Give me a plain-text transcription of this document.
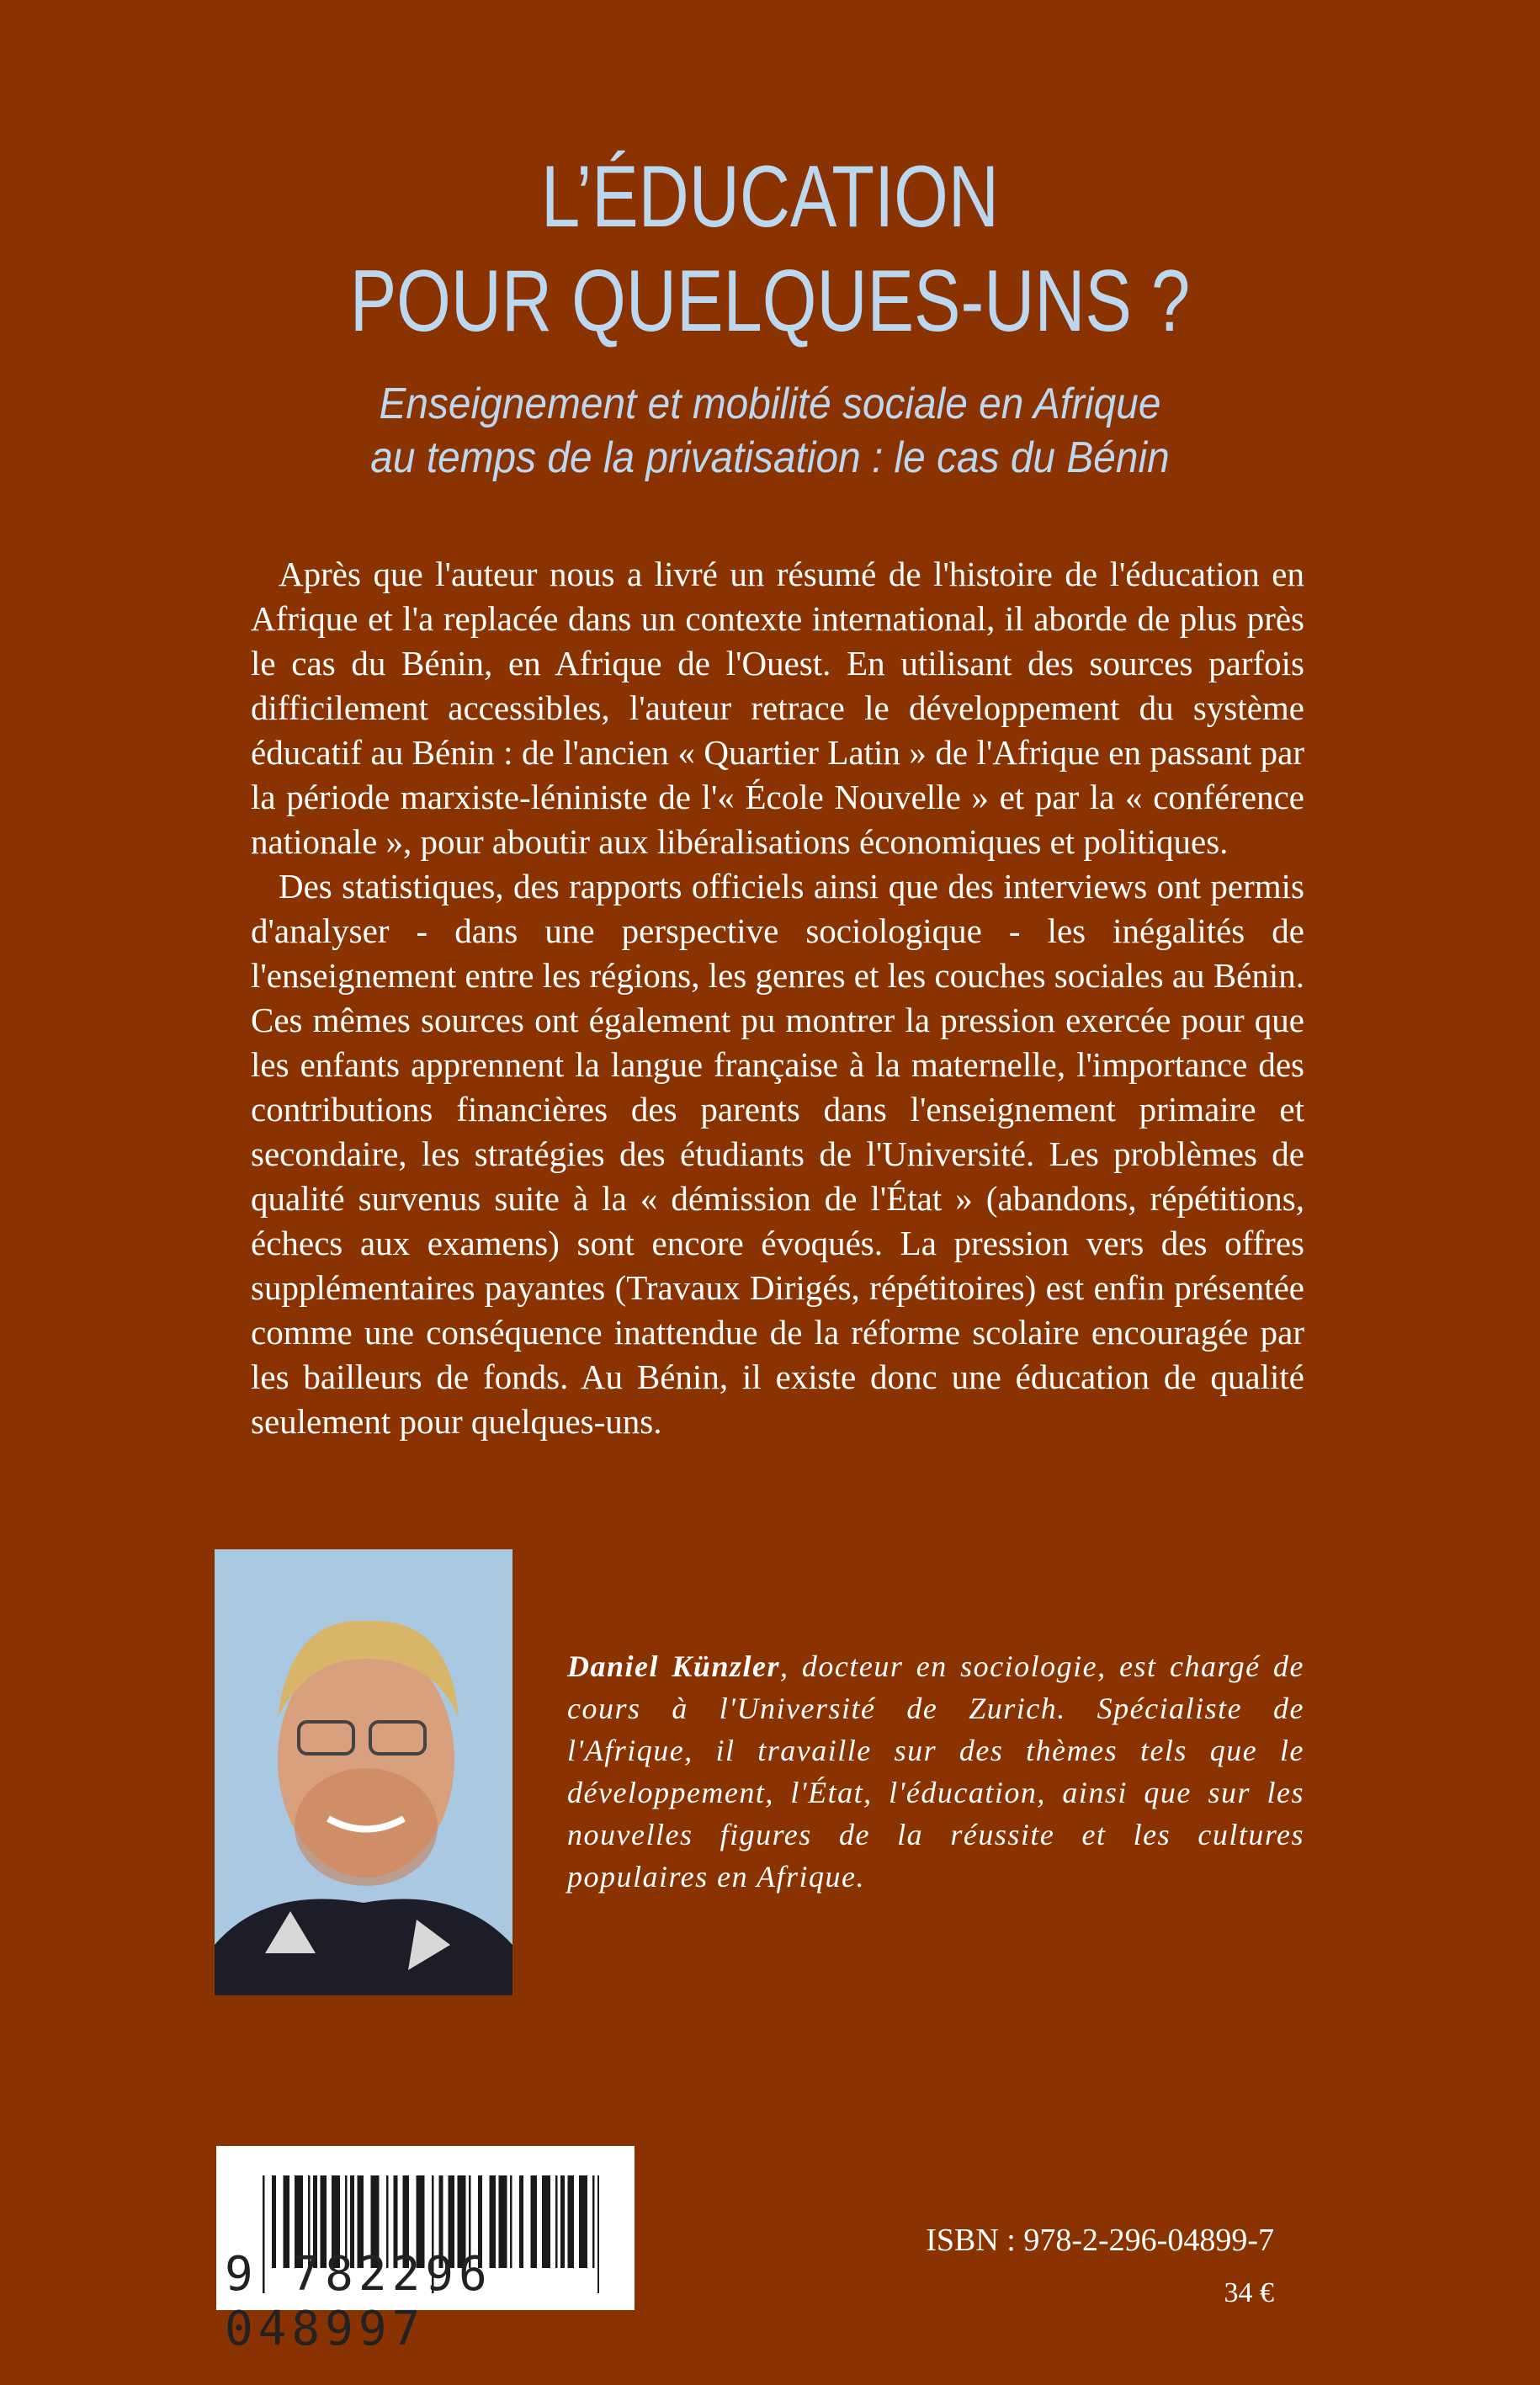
L’ÉDUCATION
POUR QUELQUES-UNS ?
Enseignement et mobilité sociale en Afrique
au temps de la privatisation : le cas du Bénin

Après que l'auteur nous a livré un résumé de l'histoire de l'éducation en Afrique et l'a replacée dans un contexte international, il aborde de plus près le cas du Bénin, en Afrique de l'Ouest. En utilisant des sources parfois difficilement accessibles, l'auteur retrace le développement du système éducatif au Bénin : de l'ancien « Quartier Latin » de l'Afrique en passant par la période marxiste-léniniste de l'« École Nouvelle » et par la « conférence nationale », pour aboutir aux libéralisations économiques et politiques.

Des statistiques, des rapports officiels ainsi que des interviews ont permis d'analyser - dans une perspective sociologique - les inégalités de l'enseignement entre les régions, les genres et les couches sociales au Bénin. Ces mêmes sources ont également pu montrer la pression exercée pour que les enfants apprennent la langue française à la maternelle, l'importance des contributions financières des parents dans l'enseignement primaire et secondaire, les stratégies des étudiants de l'Université. Les problèmes de qualité survenus suite à la « démission de l'État » (abandons, répétitions, échecs aux examens) sont encore évoqués. La pression vers des offres supplémentaires payantes (Travaux Dirigés, répétitoires) est enfin présentée comme une conséquence inattendue de la réforme scolaire encouragée par les bailleurs de fonds. Au Bénin, il existe donc une éducation de qualité seulement pour quelques-uns.

Daniel Künzler, docteur en sociologie, est chargé de cours à l'Université de Zurich. Spécialiste de l'Afrique, il travaille sur des thèmes tels que le développement, l'État, l'éducation, ainsi que sur les nouvelles figures de la réussite et les cultures populaires en Afrique.
9 782296 048997
ISBN : 978-2-296-04899-7
34 €
